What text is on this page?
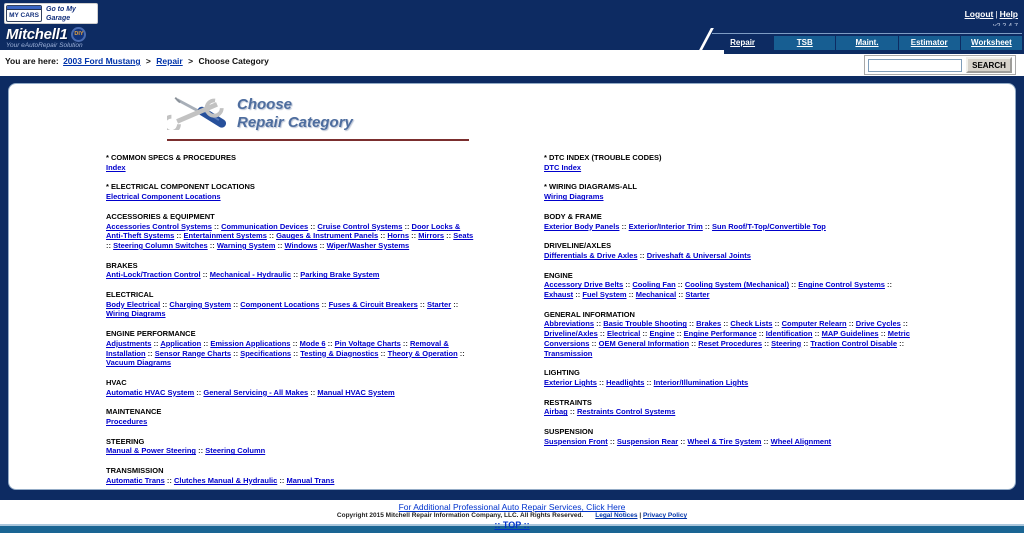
MY CARS
Go to My Garage	Logout | Help
Mitchell1 DIY
Your eAutoRepair Solution	Repair	TSB	Maint.	Estimator	Worksheet
You are here: 2003 Ford Mustang > Repair > Choose Category	SEARCH
Choose
Repair Category
* COMMON SPECS & PROCEDURES
Index
* ELECTRICAL COMPONENT LOCATIONS
Electrical Component Locations
ACCESSORIES & EQUIPMENT
Accessories Control Systems :: Communication Devices :: Cruise Control Systems :: Door Locks & Anti-Theft Systems :: Entertainment Systems :: Gauges & Instrument Panels :: Horns :: Mirrors :: Seats :: Steering Column Switches :: Warning System :: Windows :: Wiper/Washer Systems
BRAKES
Anti-Lock/Traction Control :: Mechanical - Hydraulic :: Parking Brake System
ELECTRICAL
Body Electrical :: Charging System :: Component Locations :: Fuses & Circuit Breakers :: Starter :: Wiring Diagrams
ENGINE PERFORMANCE
Adjustments :: Application :: Emission Applications :: Mode 6 :: Pin Voltage Charts :: Removal & Installation :: Sensor Range Charts :: Specifications :: Testing & Diagnostics :: Theory & Operation :: Vacuum Diagrams
HVAC
Automatic HVAC System :: General Servicing - All Makes :: Manual HVAC System
MAINTENANCE
Procedures
STEERING
Manual & Power Steering :: Steering Column
TRANSMISSION
Automatic Trans :: Clutches Manual & Hydraulic :: Manual Trans
* DTC INDEX (TROUBLE CODES)
DTC Index
* WIRING DIAGRAMS-ALL
Wiring Diagrams
BODY & FRAME
Exterior Body Panels :: Exterior/Interior Trim :: Sun Roof/T-Top/Convertible Top
DRIVELINE/AXLES
Differentials & Drive Axles :: Driveshaft & Universal Joints
ENGINE
Accessory Drive Belts :: Cooling Fan :: Cooling System (Mechanical) :: Engine Control Systems :: Exhaust :: Fuel System :: Mechanical :: Starter
GENERAL INFORMATION
Abbreviations :: Basic Trouble Shooting :: Brakes :: Check Lists :: Computer Relearn :: Drive Cycles :: Driveline/Axles :: Electrical :: Engine :: Engine Performance :: Identification :: MAP Guidelines :: Metric Conversions :: OEM General Information :: Reset Procedures :: Steering :: Traction Control Disable :: Transmission
LIGHTING
Exterior Lights :: Headlights :: Interior/Illumination Lights
RESTRAINTS
Airbag :: Restraints Control Systems
SUSPENSION
Suspension Front :: Suspension Rear :: Wheel & Tire System :: Wheel Alignment
For Additional Professional Auto Repair Services, Click Here
Copyright 2015 Mitchell Repair Information Company, LLC. All Rights Reserved. Legal Notices | Privacy Policy
:: TOP ::
